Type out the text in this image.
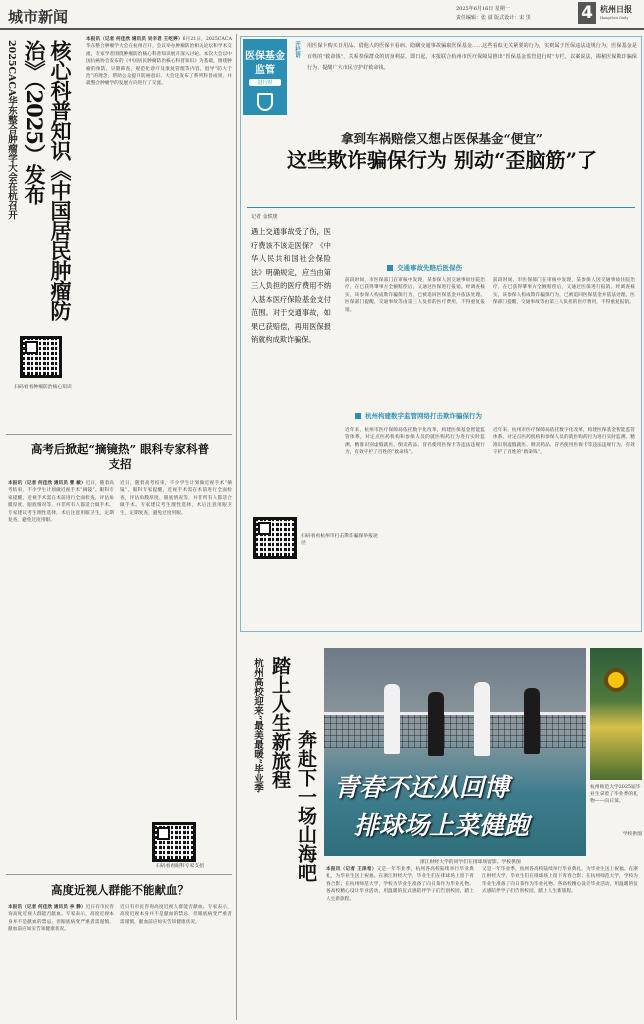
城市新闻	2025年6月16日 星期一
责任编辑：张 溢 版式设计：宋 里	4 杭州日报
Hangzhou Daily
2025CACA华东整合肿瘤学大会在杭召开	核心科普知识《中国居民肿瘤防治》（2025）发布
本报讯（记者 何佳欣 通讯员 吴辛君 王屹婷）6月21日，2025CACA华东整合肿瘤学大会在杭州召开。会议举办肿瘤防治相关论坛和学术交流，专家学者围绕肿瘤防治核心科普知识展开深入讨论。本次大会以中国抗癌协会发布的《中国居民肿瘤防治核心科普知识》为基础，围绕肿瘤的预防、早期筛查、规范化诊疗及康复管理等内容，倡导“防大于治”的理念，帮助公众提升防癌意识。大会还发布了系列科普成果，并就整合肿瘤学的发展方向进行了交流。
扫码看看肿瘤防治核心知识
高考后掀起“摘镜热” 眼科专家科普支招
本报讯（记者 何佳欣 通讯员 曹 敏）近日，随着高考结束，不少学生计划做近视手术“摘镜”。眼科专家提醒，近视手术需在术前进行全面检查，评估角膜厚度、眼底情况等，并非所有人都适合做手术。专家建议考生理性选择，术后注意用眼卫生，定期复查，避免过度用眼。
近日，随着高考结束，不少学生计划做近视手术“摘镜”。眼科专家提醒，近视手术需在术前进行全面检查，评估角膜厚度、眼底情况等，并非所有人都适合做手术。专家建议考生理性选择，术后注意用眼卫生，定期复查，避免过度用眼。
扫码看看眼科专家支招
高度近视人群能不能献血？
本报讯（记者 何佳欣 通讯员 李 静）近日有市民咨询高度近视人群能否献血。专家表示，高度近视本身并不是献血的禁忌，但眼底病变严重者需谨慎，献血前应如实告知健康状况。
近日有市民咨询高度近视人群能否献血。专家表示，高度近视本身并不是献血的禁忌，但眼底病变严重者需谨慎，献血前应如实告知健康状况。
医保基金
监管
进行时
开栏语 用医保卡购买日用品、借他人的医保卡看病、隐瞒交通事故骗取医保基金……这些看似无关紧要的行为，实则属于医保违法违规行为。医保基金是百姓的“救命钱”，关系参保群众的切身利益。即日起，本报联合杭州市医疗保障局推出“医保基金监管进行时”专栏，以案说法，揭秘医保欺诈骗保行为，提醒广大市民守护好救命钱。
拿到车祸赔偿又想占医保基金“便宜”
这些欺诈骗保行为 别动“歪脑筋”了
记者 金轶琰
遇上交通事故受了伤，医疗费该不该走医保？《中华人民共和国社会保险法》明确规定，应当由第三人负担的医疗费用不纳入基本医疗保险基金支付范围。对于交通事故，如果已获赔偿，再用医保报销就构成欺诈骗保。
扫码看看杭州市打击欺诈骗保举报途径
交通事故先赔后医保伤
前段时间，市医保部门在审核中发现，某参保人因交通事故住院治疗，在已获得肇事方全额赔偿后，又通过医保进行报销。经调查核实，该参保人构成欺诈骗保行为，已被追回医保基金并依法处理。医保部门提醒，交通事故等由第三人负担的医疗费用，不得重复报销。
前段时间，市医保部门在审核中发现，某参保人因交通事故住院治疗，在已获得肇事方全额赔偿后，又通过医保进行报销。经调查核实，该参保人构成欺诈骗保行为，已被追回医保基金并依法处理。医保部门提醒，交通事故等由第三人负担的医疗费用，不得重复报销。
杭州构建数字监管网络打击欺诈骗保行为
近年来，杭州市医疗保障局依托数字化改革，构建医保基金智能监管体系，对定点医药机构和参保人员的就医购药行为进行实时监测，精准识别虚假就医、倒卖药品、冒名使用医保卡等违法违规行为，有效守护了百姓的“救命钱”。
近年来，杭州市医疗保障局依托数字化改革，构建医保基金智能监管体系，对定点医药机构和参保人员的就医购药行为进行实时监测，精准识别虚假就医、倒卖药品、冒名使用医保卡等违法违规行为，有效守护了百姓的“救命钱”。
杭州高校迎来“最美最暖”毕业季 踏上人生新旅程
奔赴下一场山海吧 青春不还从回博
排球场上菜健跑
浙江财经大学的同学们在排球场留影。学校供图
杭州师范大学2025届毕业生拿着了毕业季的礼物——向日葵。
学校供图
本报讯（记者 王泽希）又是一年毕业季，杭州各高校陆续举行毕业典礼，为毕业生送上祝福。在浙江财经大学，毕业生们在排球场上留下青春合影；在杭州师范大学，学校为毕业生准备了向日葵作为毕业礼物。各高校精心设计毕业活动，用温暖的仪式感陪伴学子们告别校园，踏上人生新旅程。
又是一年毕业季，杭州各高校陆续举行毕业典礼，为毕业生送上祝福。在浙江财经大学，毕业生们在排球场上留下青春合影；在杭州师范大学，学校为毕业生准备了向日葵作为毕业礼物。各高校精心设计毕业活动，用温暖的仪式感陪伴学子们告别校园，踏上人生新旅程。
